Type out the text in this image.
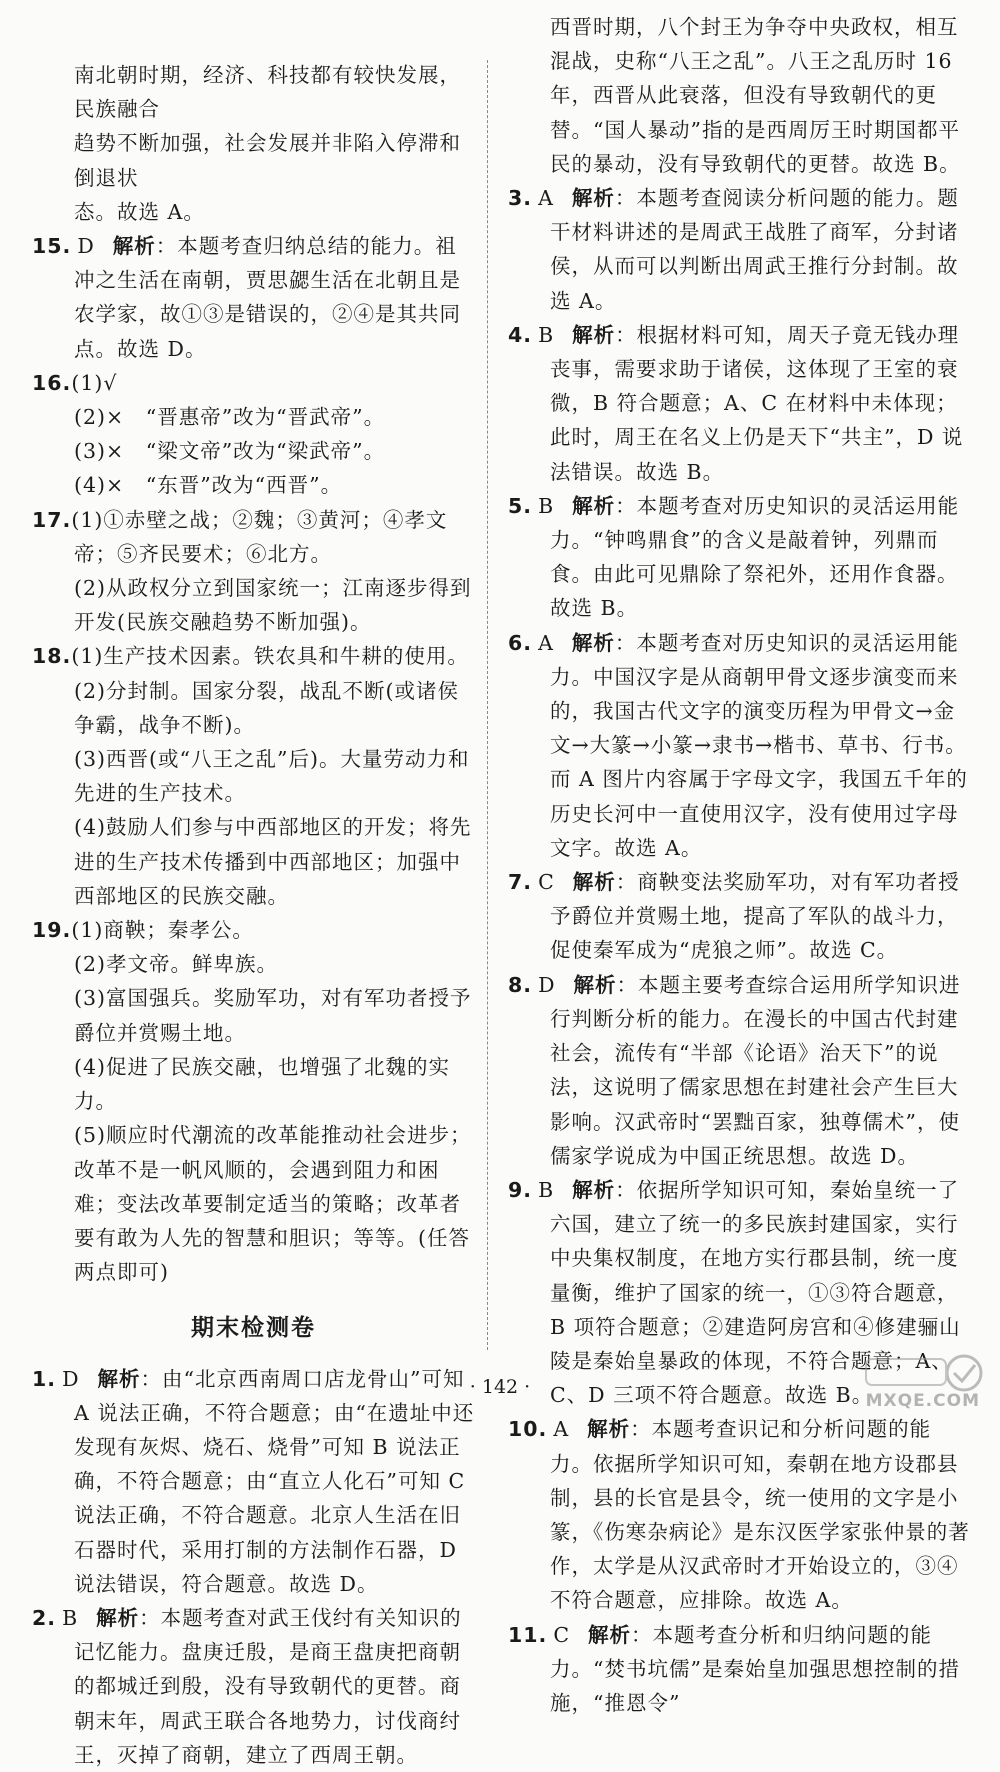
南北朝时期，经济、科技都有较快发展，民族融合
趋势不断加强，社会发展并非陷入停滞和倒退状
态。故选 A。
15. D 解析：本题考查归纳总结的能力。祖冲之生活在南朝，贾思勰生活在北朝且是农学家，故①③是错误的，②④是其共同点。故选 D。
16.(1)√
(2)×　“晋惠帝”改为“晋武帝”。
(3)×　“梁文帝”改为“梁武帝”。
(4)×　“东晋”改为“西晋”。
17.(1)①赤壁之战；②魏；③黄河；④孝文帝；⑤齐民要术；⑥北方。
(2)从政权分立到国家统一；江南逐步得到开发(民族交融趋势不断加强)。
18.(1)生产技术因素。铁农具和牛耕的使用。
(2)分封制。国家分裂，战乱不断(或诸侯争霸，战争不断)。
(3)西晋(或“八王之乱”后)。大量劳动力和先进的生产技术。
(4)鼓励人们参与中西部地区的开发；将先进的生产技术传播到中西部地区；加强中西部地区的民族交融。
19.(1)商鞅；秦孝公。
(2)孝文帝。鲜卑族。
(3)富国强兵。奖励军功，对有军功者授予爵位并赏赐土地。
(4)促进了民族交融，也增强了北魏的实力。
(5)顺应时代潮流的改革能推动社会进步；改革不是一帆风顺的，会遇到阻力和困难；变法改革要制定适当的策略；改革者要有敢为人先的智慧和胆识；等等。(任答两点即可)
期末检测卷
1. D 解析：由“北京西南周口店龙骨山”可知 A 说法正确，不符合题意；由“在遗址中还发现有灰烬、烧石、烧骨”可知 B 说法正确，不符合题意；由“直立人化石”可知 C 说法正确，不符合题意。北京人生活在旧石器时代，采用打制的方法制作石器，D 说法错误，符合题意。故选 D。
2. B 解析：本题考查对武王伐纣有关知识的记忆能力。盘庚迁殷，是商王盘庚把商朝的都城迁到殷，没有导致朝代的更替。商朝末年，周武王联合各地势力，讨伐商纣王，灭掉了商朝，建立了西周王朝。
西晋时期，八个封王为争夺中央政权，相互混战，史称“八王之乱”。八王之乱历时 16 年，西晋从此衰落，但没有导致朝代的更替。“国人暴动”指的是西周厉王时期国都平民的暴动，没有导致朝代的更替。故选 B。
3. A 解析：本题考查阅读分析问题的能力。题干材料讲述的是周武王战胜了商军，分封诸侯，从而可以判断出周武王推行分封制。故选 A。
4. B 解析：根据材料可知，周天子竟无钱办理丧事，需要求助于诸侯，这体现了王室的衰微，B 符合题意；A、C 在材料中未体现；此时，周王在名义上仍是天下“共主”，D 说法错误。故选 B。
5. B 解析：本题考查对历史知识的灵活运用能力。“钟鸣鼎食”的含义是敲着钟，列鼎而食。由此可见鼎除了祭祀外，还用作食器。故选 B。
6. A 解析：本题考查对历史知识的灵活运用能力。中国汉字是从商朝甲骨文逐步演变而来的，我国古代文字的演变历程为甲骨文→金文→大篆→小篆→隶书→楷书、草书、行书。而 A 图片内容属于字母文字，我国五千年的历史长河中一直使用汉字，没有使用过字母文字。故选 A。
7. C 解析：商鞅变法奖励军功，对有军功者授予爵位并赏赐土地，提高了军队的战斗力，促使秦军成为“虎狼之师”。故选 C。
8. D 解析：本题主要考查综合运用所学知识进行判断分析的能力。在漫长的中国古代封建社会，流传有“半部《论语》治天下”的说法，这说明了儒家思想在封建社会产生巨大影响。汉武帝时“罢黜百家，独尊儒术”，使儒家学说成为中国正统思想。故选 D。
9. B 解析：依据所学知识可知，秦始皇统一了六国，建立了统一的多民族封建国家，实行中央集权制度，在地方实行郡县制，统一度量衡，维护了国家的统一，①③符合题意，B 项符合题意；②建造阿房宫和④修建骊山陵是秦始皇暴政的体现，不符合题意；A、C、D 三项不符合题意。故选 B。
10. A 解析：本题考查识记和分析问题的能力。依据所学知识可知，秦朝在地方设郡县制，县的长官是县令，统一使用的文字是小篆，《伤寒杂病论》是东汉医学家张仲景的著作，太学是从汉武帝时才开始设立的，③④不符合题意，应排除。故选 A。
11. C 解析：本题考查分析和归纳问题的能力。“焚书坑儒”是秦始皇加强思想控制的措施，“推恩令”
· 142 ·
MXQE.COM
